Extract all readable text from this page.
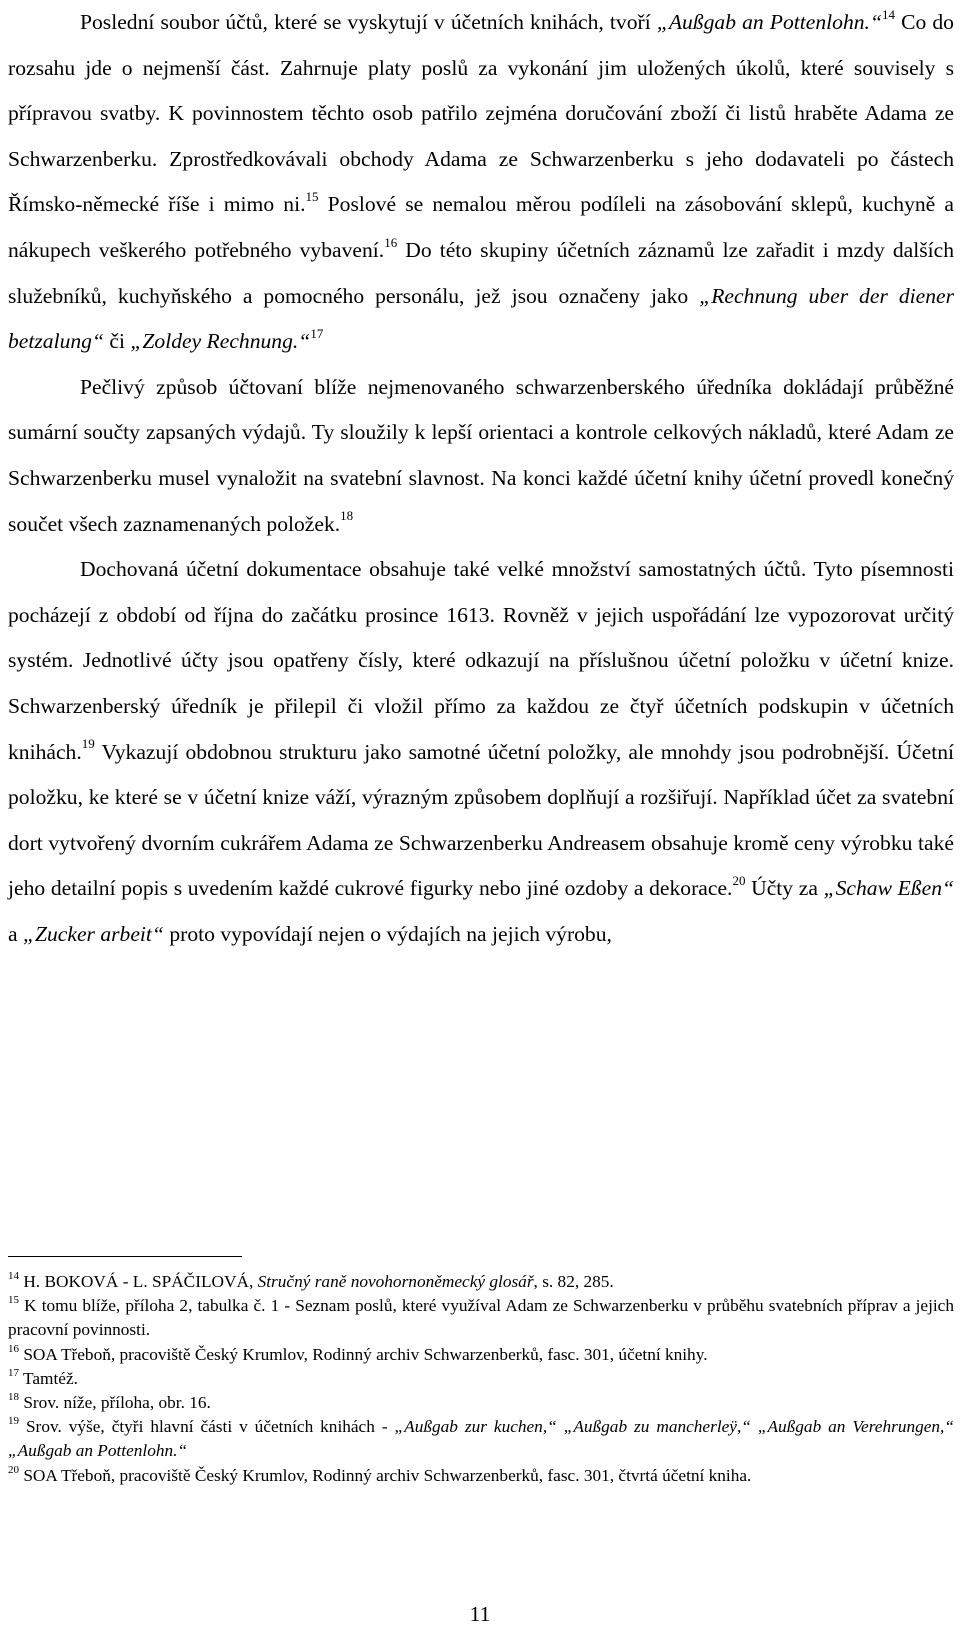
Poslední soubor účtů, které se vyskytují v účetních knihách, tvoří „Außgab an Pottenlohn.“$^{14}$ Co do rozsahu jde o nejmenší část. Zahrnuje platy poslů za vykonání jim uložených úkolů, které souvisely s přípravou svatby. K povinnostem těchto osob patřilo zejména doručování zboží či listů hraběte Adama ze Schwarzenberku. Zprostředkovávali obchody Adama ze Schwarzenberku s jeho dodavateli po částech Římsko-německé říše i mimo ni.$^{15}$ Poslové se nemalou měrou podíleli na zásobování sklepů, kuchyně a nákupech veškerého potřebného vybavení.$^{16}$ Do této skupiny účetních záznamů lze zařadit i mzdy dalších služebníků, kuchyňského a pomocného personálu, jež jsou označeny jako „Rechnung uber der diener betzalung“ či „Zoldey Rechnung.“$^{17}$

Pečlivý způsob účtovaní blíže nejmenovaného schwarzenberského úředníka dokládají průběžné sumární součty zapsaných výdajů. Ty sloužily k lepší orientaci a kontrole celkových nákladů, které Adam ze Schwarzenberku musel vynaložit na svatební slavnost. Na konci každé účetní knihy účetní provedl konečný součet všech zaznamenaných položek.$^{18}$

Dochovaná účetní dokumentace obsahuje také velké množství samostatných účtů. Tyto písemnosti pocházejí z období od října do začátku prosince 1613. Rovněž v jejich uspořádání lze vypozorovat určitý systém. Jednotlivé účty jsou opatřeny čísly, které odkazují na příslušnou účetní položku v účetní knize. Schwarzenberský úředník je přilepil či vložil přímo za každou ze čtyř účetních podskupin v účetních knihách.$^{19}$ Vykazují obdobnou strukturu jako samotné účetní položky, ale mnohdy jsou podrobnější. Účetní položku, ke které se v účetní knize váží, výrazným způsobem doplňují a rozšiřují. Například účet za svatební dort vytvořený dvorním cukrářem Adama ze Schwarzenberku Andreasem obsahuje kromě ceny výrobku také jeho detailní popis s uvedením každé cukrové figurky nebo jiné ozdoby a dekorace.$^{20}$ Účty za „Schaw Eßen“ a „Zucker arbeit“ proto vypovídají nejen o výdajích na jejich výrobu,

$^{14}$ H. BOKOVÁ - L. SPÁČILOVÁ, Stručný raně novohornoněmecký glosář, s. 82, 285.

$^{15}$ K tomu blíže, příloha 2, tabulka č. 1 - Seznam poslů, které využíval Adam ze Schwarzenberku v průběhu svatebních příprav a jejich pracovní povinnosti.

$^{16}$ SOA Třeboň, pracoviště Český Krumlov, Rodinný archiv Schwarzenberků, fasc. 301, účetní knihy.

$^{17}$ Tamtéž.

$^{18}$ Srov. níže, příloha, obr. 16.

$^{19}$ Srov. výše, čtyři hlavní části v účetních knihách - „Außgab zur kuchen,“ „Außgab zu mancherleÿ,“ „Außgab an Verehrungen,“ „Außgab an Pottenlohn.“

$^{20}$ SOA Třeboň, pracoviště Český Krumlov, Rodinný archiv Schwarzenberků, fasc. 301, čtvrtá účetní kniha.

11
